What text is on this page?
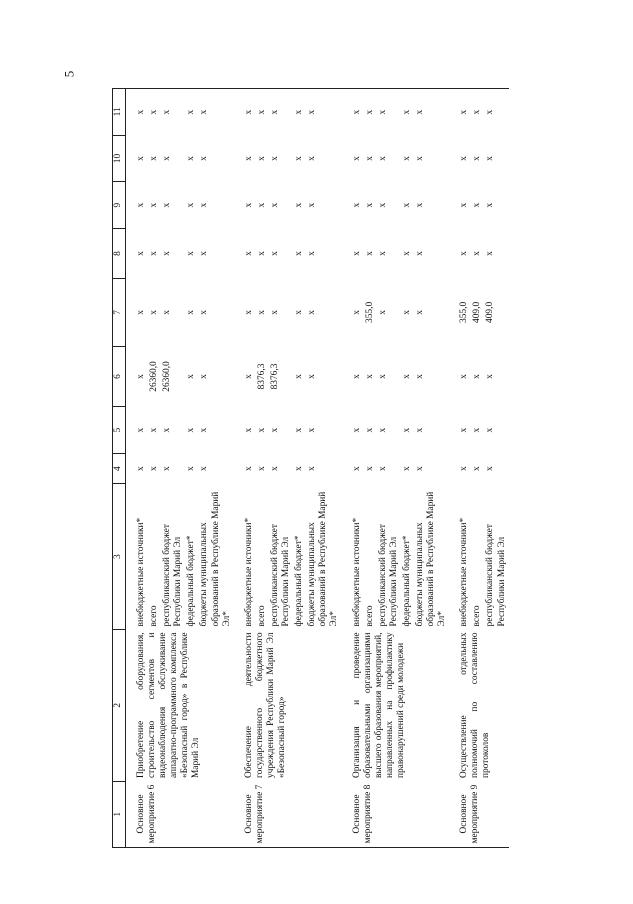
5
1	2	3	4	5	6	7	8	9	10	11
Основное мероприятие 6	Приобретение оборудования, строительство сегментов и видеонаблюдения обслуживание аппаратно-программного комплекса «Безопасный город» в Республике Марий Эл	внебюджетные источники*	х	х	х	х	х	х	х	х
		всего	х	х	26360,0	х	х	х	х	х
		республиканский бюджет Республики Марий Эл	х	х	26360,0	х	х	х	х	х
		федеральный бюджет*	х	х	х	х	х	х	х	х
		бюджеты муниципальных образований в Республике Марий Эл*	х	х	х	х	х	х	х	х
Основное мероприятие 7	Обеспечение деятельности государственного бюджетного учреждения Республики Марий Эл «Безопасный город»	внебюджетные источники*	х	х	х	х	х	х	х	х
		всего	х	х	8376,3	х	х	х	х	х
		республиканский бюджет Республики Марий Эл	х	х	8376,3	х	х	х	х	х
		федеральный бюджет*	х	х	х	х	х	х	х	х
		бюджеты муниципальных образований в Республике Марий Эл*	х	х	х	х	х	х	х	х
Основное мероприятие 8	Организация и проведение образовательными организациями высшего образования мероприятий, направленных на профилактику правонарушений среди молодежи	внебюджетные источники*	х	х	х	х	х	х	х	х
		всего	х	х	х	355,0	х	х	х	х
		республиканский бюджет Республики Марий Эл	х	х	х	х	х	х	х	х
		федеральный бюджет*	х	х	х	х	х	х	х	х
		бюджеты муниципальных образований в Республике Марий Эл*	х	х	х	х	х	х	х	х
Основное мероприятие 9	Осуществление отдельных полномочий по составлению протоколов	внебюджетные источники*	х	х	х	355,0	х	х	х	х
		всего	х	х	х	409,0	х	х	х	х
		республиканский бюджет Республики Марий Эл	х	х	х	409,0	х	х	х	х
